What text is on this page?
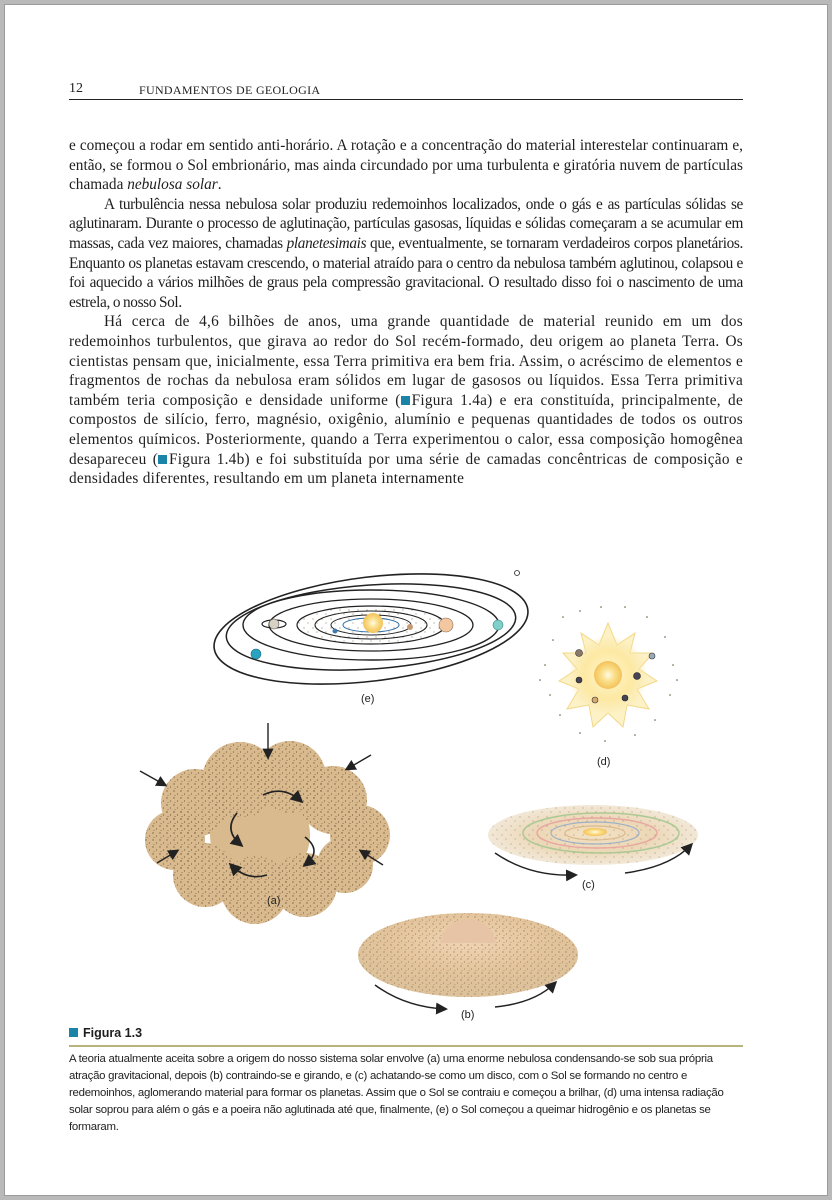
12	FUNDAMENTOS DE GEOLOGIA

e começou a rodar em sentido anti-horário. A rotação e a concentração do material interestelar continuaram e, então, se formou o Sol embrionário, mas ainda circundado por uma turbulenta e giratória nuvem de partículas chamada nebulosa solar.

A turbulência nessa nebulosa solar produziu redemoinhos localizados, onde o gás e as partículas sólidas se aglutinaram. Durante o processo de aglutinação, partículas gasosas, líquidas e sólidas começaram a se acumular em massas, cada vez maiores, chamadas planetesimais que, eventualmente, se tornaram verdadeiros corpos planetários. Enquanto os planetas estavam crescendo, o material atraído para o centro da nebulosa também aglutinou, colapsou e foi aquecido a vários milhões de graus pela compressão gravitacional. O resultado disso foi o nascimento de uma estrela, o nosso Sol.

Há cerca de 4,6 bilhões de anos, uma grande quantidade de material reunido em um dos redemoinhos turbulentos, que girava ao redor do Sol recém-formado, deu origem ao planeta Terra. Os cientistas pensam que, inicialmente, essa Terra primitiva era bem fria. Assim, o acréscimo de elementos e fragmentos de rochas da nebulosa eram sólidos em lugar de gasosos ou líquidos. Essa Terra primitiva também teria composição e densidade uniforme ( Figura 1.4a) e era constituída, principalmente, de compostos de silício, ferro, magnésio, oxigênio, alumínio e pequenas quantidades de todos os outros elementos químicos. Posteriormente, quando a Terra experimentou o calor, essa composição homogênea desapareceu ( Figura 1.4b) e foi substituída por uma série de camadas concêntricas de composição e densidades diferentes, resultando em um planeta internamente

(e)
(d)
(a)
(c)
(b)
Figura 1.3
A teoria atualmente aceita sobre a origem do nosso sistema solar envolve (a) uma enorme nebulosa condensando-se sob sua própria atração gravitacional, depois (b) contraindo-se e girando, e (c) achatando-se como um disco, com o Sol se formando no centro e redemoinhos, aglomerando material para formar os planetas. Assim que o Sol se contraiu e começou a brilhar, (d) uma intensa radiação solar soprou para além o gás e a poeira não aglutinada até que, finalmente, (e) o Sol começou a queimar hidrogênio e os planetas se formaram.
